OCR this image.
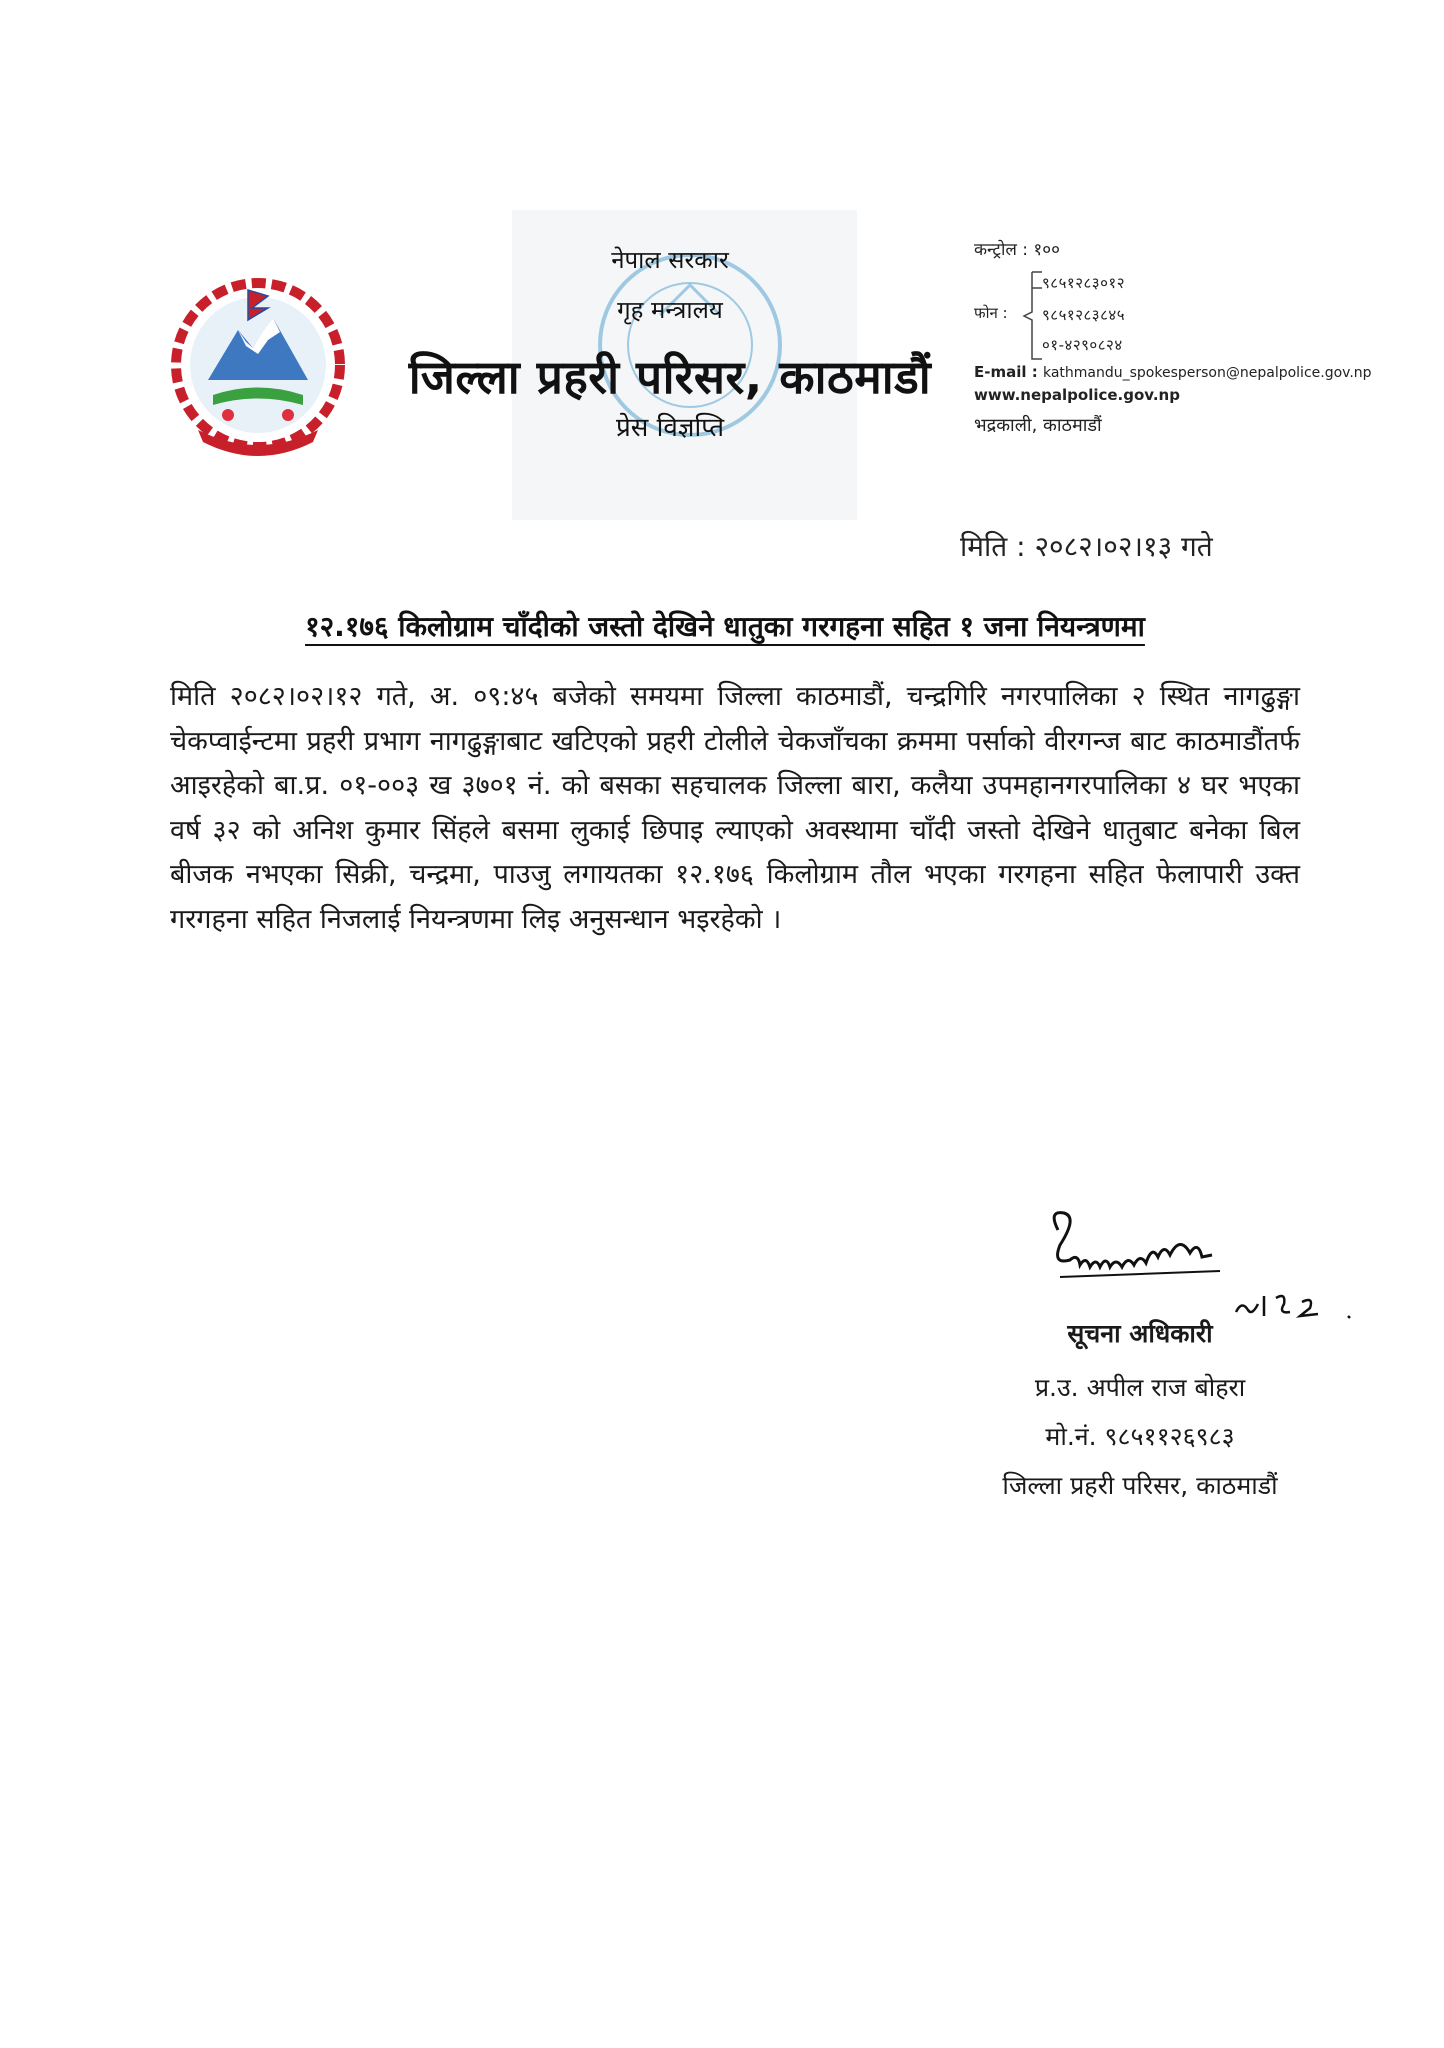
नेपाल सरकार
गृह मन्त्रालय
जिल्ला प्रहरी परिसर, काठमाडौं
प्रेस विज्ञप्ति
कन्ट्रोल : १००
फोन :
९८५१२८३०१२
९८५१२८३८४५
०१-४२९०८२४
E-mail : kathmandu_spokesperson@nepalpolice.gov.np
www.nepalpolice.gov.np
भद्रकाली, काठमाडौं
मिति : २०८२।०२।१३ गते
१२.१७६ किलोग्राम चाँदीको जस्तो देखिने धातुका गरगहना सहित १ जना नियन्त्रणमा
मिति २०८२।०२।१२ गते, अ. ०९:४५ बजेको समयमा जिल्ला काठमाडौं, चन्द्रगिरि नगरपालिका २ स्थित नागढुङ्गा चेकप्वाईन्टमा प्रहरी प्रभाग नागढुङ्गाबाट खटिएको प्रहरी टोलीले चेकजाँचका क्रममा पर्साको वीरगन्ज बाट काठमाडौंतर्फ आइरहेको बा.प्र. ०१-००३ ख ३७०१ नं. को बसका सहचालक जिल्ला बारा, कलैया उपमहानगरपालिका ४ घर भएका वर्ष ३२ को अनिश कुमार सिंहले बसमा लुकाई छिपाइ ल्याएको अवस्थामा चाँदी जस्तो देखिने धातुबाट बनेका बिल बीजक नभएका सिक्री, चन्द्रमा, पाउजु लगायतका १२.१७६ किलोग्राम तौल भएका गरगहना सहित फेलापारी उक्त गरगहना सहित निजलाई नियन्त्रणमा लिइ अनुसन्धान भइरहेको ।
सूचना अधिकारी
प्र.उ. अपील राज बोहरा
मो.नं. ९८५११२६९८३
जिल्ला प्रहरी परिसर, काठमाडौं
